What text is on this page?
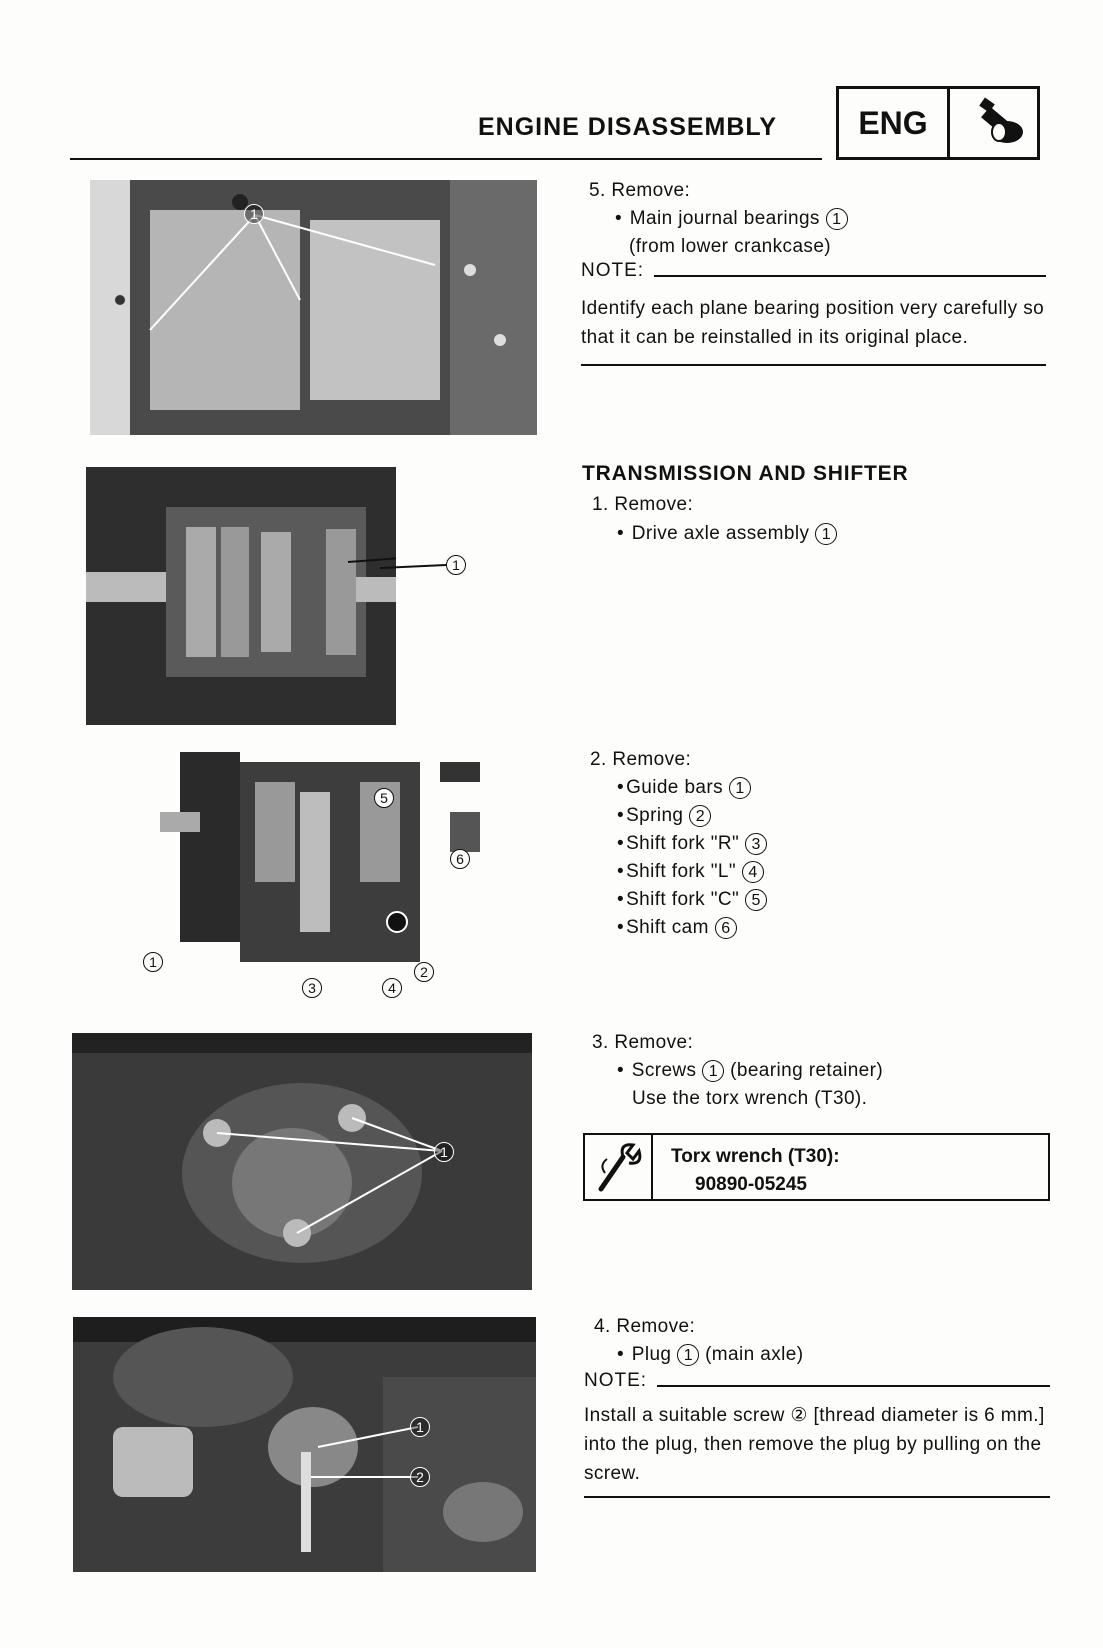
ENGINE DISASSEMBLY	ENG
1
5. Remove:
• Main journal bearings 1
(from lower crankcase)
NOTE:
Identify each plane bearing position very carefully so that it can be reinstalled in its original place.
1
TRANSMISSION AND SHIFTER
1. Remove:
• Drive axle assembly 1
5
6
1
3	4
2
2. Remove:
• Guide bars 1
• Spring 2
• Shift fork "R" 3
• Shift fork "L" 4
• Shift fork "C" 5
• Shift cam 6
1
3. Remove:
• Screws 1 (bearing retainer)
Use the torx wrench (T30).
Torx wrench (T30):
90890-05245
1
2
4. Remove:
• Plug 1 (main axle)
NOTE:
Install a suitable screw ② [thread diameter is 6 mm.] into the plug, then remove the plug by pulling on the screw.
